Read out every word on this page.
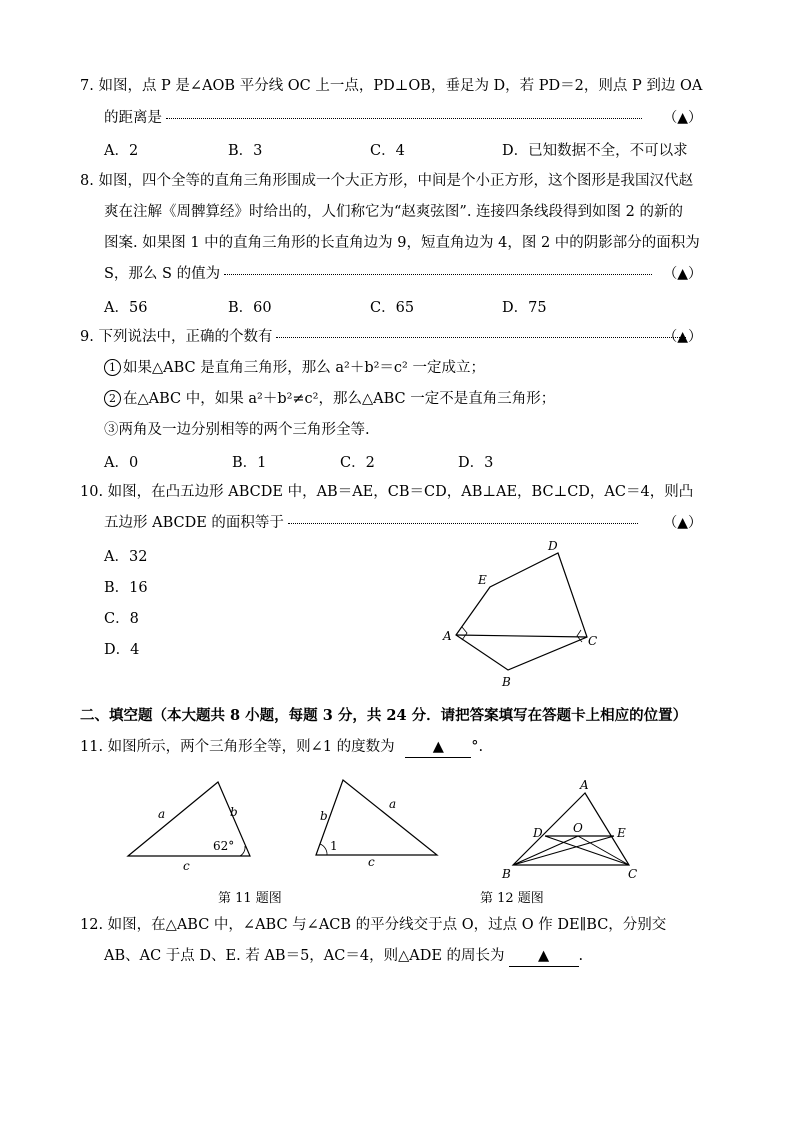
7. 如图，点 P 是∠AOB 平分线 OC 上一点，PD⊥OB，垂足为 D，若 PD＝2，则点 P 到边 OA
的距离是	（▲）
A．2	B．3	C．4	D．已知数据不全，不可以求
8. 如图，四个全等的直角三角形围成一个大正方形，中间是个小正方形，这个图形是我国汉代赵
爽在注解《周髀算经》时给出的，人们称它为“赵爽弦图”. 连接四条线段得到如图 2 的新的
图案. 如果图 1 中的直角三角形的长直角边为 9，短直角边为 4，图 2 中的阴影部分的面积为
S，那么 S 的值为	（▲）
A．56	B．60	C．65	D．75
9. 下列说法中，正确的个数有	（▲）
1 如果△ABC 是直角三角形，那么 a²＋b²＝c² 一定成立；
2 在△ABC 中，如果 a²＋b²≠c²，那么△ABC 一定不是直角三角形；
③两角及一边分别相等的两个三角形全等.
A．0	B．1	C．2	D．3
10. 如图，在凸五边形 ABCDE 中，AB＝AE，CB＝CD，AB⊥AE，BC⊥CD，AC＝4，则凸
五边形 ABCDE 的面积等于	（▲）
A．32
B．16
C．8
D．4
A
B
C
D
E
二、填空题（本大题共 8 小题，每题 3 分，共 24 分．请把答案填写在答题卡上相应的位置）
11. 如图所示，两个三角形全等，则∠1 的度数为	▲ °.
a	b
c
62°
b
a
c
1
A
B	C
D	E
O
第 11 题图	第 12 题图
12. 如图，在△ABC 中，∠ABC 与∠ACB 的平分线交于点 O，过点 O 作 DE∥BC，分别交
AB、AC 于点 D、E. 若 AB＝5，AC＝4，则△ADE 的周长为 ▲ .
